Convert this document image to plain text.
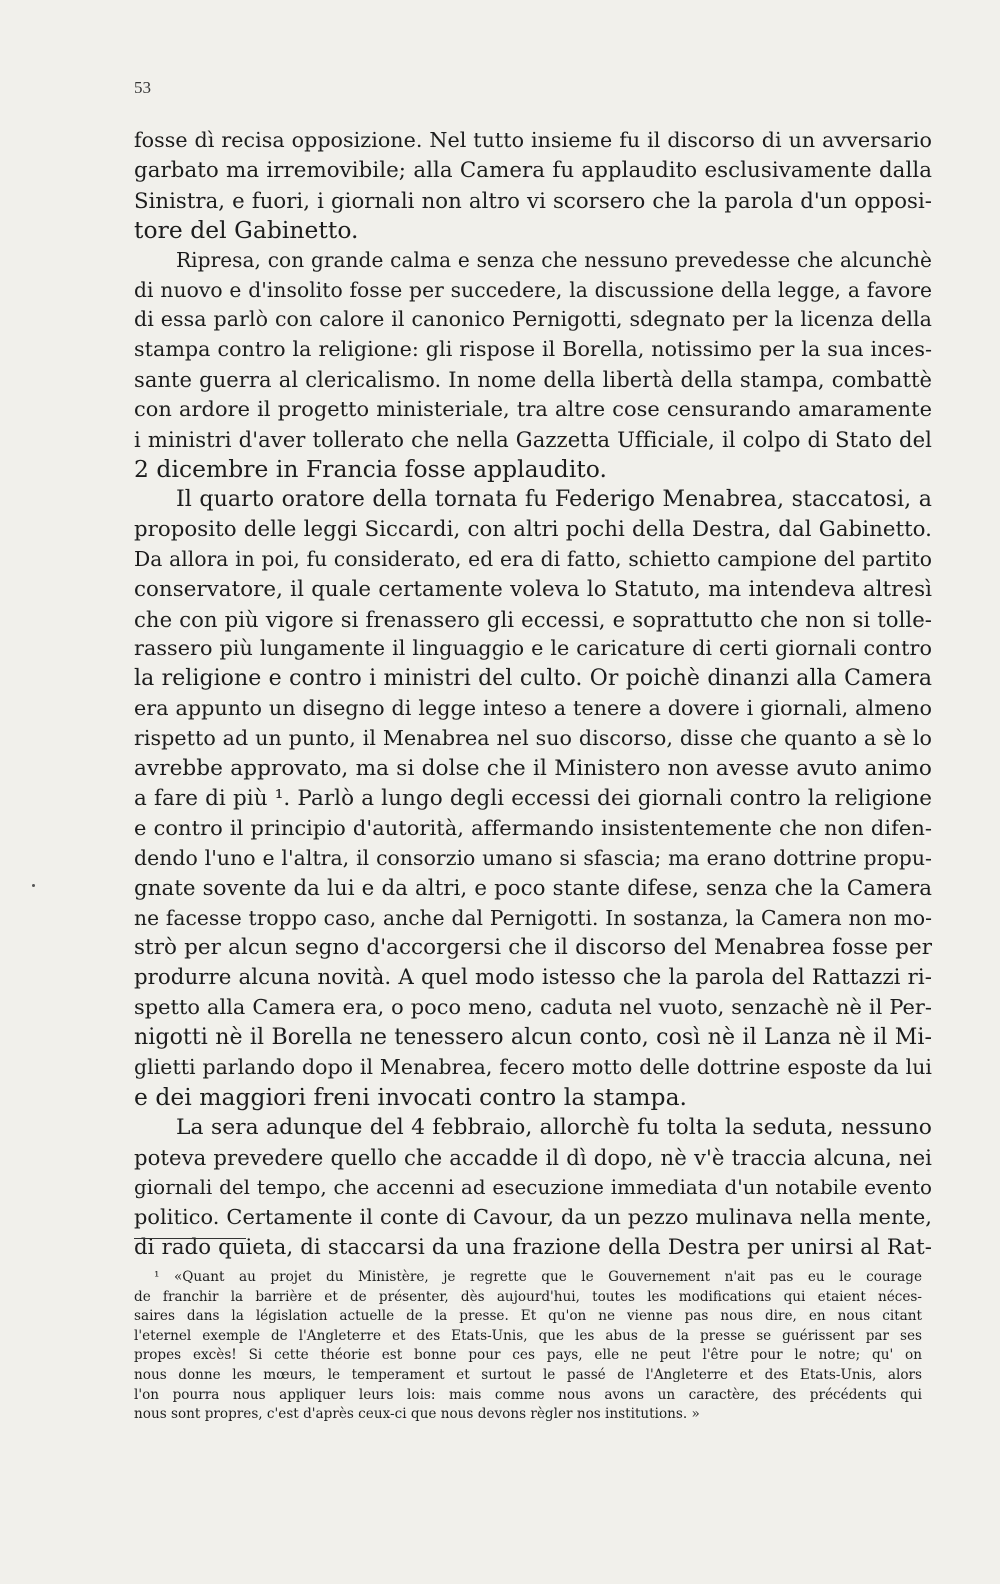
53
fosse dì recisa opposizione. Nel tutto insieme fu il discorso di un avversario
garbato ma irremovibile; alla Camera fu applaudito esclusivamente dalla
Sinistra, e fuori, i giornali non altro vi scorsero che la parola d'un opposi-
tore del Gabinetto.
Ripresa, con grande calma e senza che nessuno prevedesse che alcunchè
di nuovo e d'insolito fosse per succedere, la discussione della legge, a favore
di essa parlò con calore il canonico Pernigotti, sdegnato per la licenza della
stampa contro la religione: gli rispose il Borella, notissimo per la sua inces-
sante guerra al clericalismo. In nome della libertà della stampa, combattè
con ardore il progetto ministeriale, tra altre cose censurando amaramente
i ministri d'aver tollerato che nella Gazzetta Ufficiale, il colpo di Stato del
2 dicembre in Francia fosse applaudito.
Il quarto oratore della tornata fu Federigo Menabrea, staccatosi, a
proposito delle leggi Siccardi, con altri pochi della Destra, dal Gabinetto.
Da allora in poi, fu considerato, ed era di fatto, schietto campione del partito
conservatore, il quale certamente voleva lo Statuto, ma intendeva altresì
che con più vigore si frenassero gli eccessi, e soprattutto che non si tolle-
rassero più lungamente il linguaggio e le caricature di certi giornali contro
la religione e contro i ministri del culto. Or poichè dinanzi alla Camera
era appunto un disegno di legge inteso a tenere a dovere i giornali, almeno
rispetto ad un punto, il Menabrea nel suo discorso, disse che quanto a sè lo
avrebbe approvato, ma si dolse che il Ministero non avesse avuto animo
a fare di più ¹. Parlò a lungo degli eccessi dei giornali contro la religione
e contro il principio d'autorità, affermando insistentemente che non difen-
dendo l'uno e l'altra, il consorzio umano si sfascia; ma erano dottrine propu-
gnate sovente da lui e da altri, e poco stante difese, senza che la Camera
ne facesse troppo caso, anche dal Pernigotti. In sostanza, la Camera non mo-
strò per alcun segno d'accorgersi che il discorso del Menabrea fosse per
produrre alcuna novità. A quel modo istesso che la parola del Rattazzi ri-
spetto alla Camera era, o poco meno, caduta nel vuoto, senzachè nè il Per-
nigotti nè il Borella ne tenessero alcun conto, così nè il Lanza nè il Mi-
glietti parlando dopo il Menabrea, fecero motto delle dottrine esposte da lui
e dei maggiori freni invocati contro la stampa.
La sera adunque del 4 febbraio, allorchè fu tolta la seduta, nessuno
poteva prevedere quello che accadde il dì dopo, nè v'è traccia alcuna, nei
giornali del tempo, che accenni ad esecuzione immediata d'un notabile evento
politico. Certamente il conte di Cavour, da un pezzo mulinava nella mente,
di rado quieta, di staccarsi da una frazione della Destra per unirsi al Rat-
¹ «Quant au projet du Ministère, je regrette que le Gouvernement n'ait pas eu le courage
de franchir la barrière et de présenter, dès aujourd'hui, toutes les modifications qui etaient néces-
saires dans la législation actuelle de la presse. Et qu'on ne vienne pas nous dire, en nous citant
l'eternel exemple de l'Angleterre et des Etats-Unis, que les abus de la presse se guérissent par ses
propes excès! Si cette théorie est bonne pour ces pays, elle ne peut l'être pour le notre; qu' on
nous donne les mœurs, le temperament et surtout le passé de l'Angleterre et des Etats-Unis, alors
l'on pourra nous appliquer leurs lois: mais comme nous avons un caractère, des précédents qui
nous sont propres, c'est d'après ceux-ci que nous devons règler nos institutions. »
